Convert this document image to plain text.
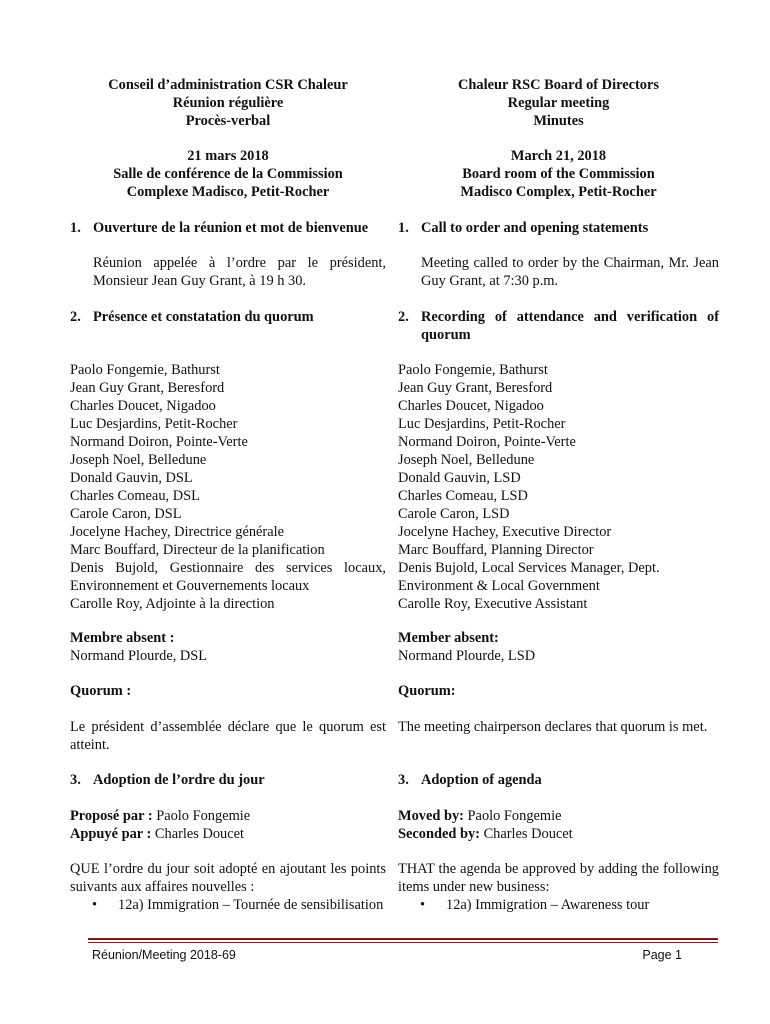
Conseil d’administration CSR Chaleur
Réunion régulière
Procès-verbal
21 mars 2018
Salle de conférence de la Commission
Complexe Madisco, Petit-Rocher
1. Ouverture de la réunion et mot de bienvenue
Réunion appelée à l’ordre par le président, Monsieur Jean Guy Grant, à 19 h 30.
2. Présence et constatation du quorum
Paolo Fongemie, Bathurst
Jean Guy Grant, Beresford
Charles Doucet, Nigadoo
Luc Desjardins, Petit-Rocher
Normand Doiron, Pointe-Verte
Joseph Noel, Belledune
Donald Gauvin, DSL
Charles Comeau, DSL
Carole Caron, DSL
Jocelyne Hachey, Directrice générale
Marc Bouffard, Directeur de la planification
Denis Bujold, Gestionnaire des services locaux,
Environnement et Gouvernements locaux
Carolle Roy, Adjointe à la direction
Membre absent :
Normand Plourde, DSL
Quorum :
Le président d’assemblée déclare que le quorum est atteint.
3. Adoption de l’ordre du jour
Proposé par : Paolo Fongemie
Appuyé par : Charles Doucet
QUE l’ordre du jour soit adopté en ajoutant les points suivants aux affaires nouvelles :
•	12a) Immigration – Tournée de sensibilisation
Chaleur RSC Board of Directors
Regular meeting
Minutes
March 21, 2018
Board room of the Commission
Madisco Complex, Petit-Rocher
1. Call to order and opening statements
Meeting called to order by the Chairman, Mr. Jean Guy Grant, at 7:30 p.m.
2. Recording of attendance and verification of quorum
Paolo Fongemie, Bathurst
Jean Guy Grant, Beresford
Charles Doucet, Nigadoo
Luc Desjardins, Petit-Rocher
Normand Doiron, Pointe-Verte
Joseph Noel, Belledune
Donald Gauvin, LSD
Charles Comeau, LSD
Carole Caron, LSD
Jocelyne Hachey, Executive Director
Marc Bouffard, Planning Director
Denis Bujold, Local Services Manager, Dept.
Environment & Local Government
Carolle Roy, Executive Assistant
Member absent:
Normand Plourde, LSD
Quorum:
The meeting chairperson declares that quorum is met.
3. Adoption of agenda
Moved by: Paolo Fongemie
Seconded by: Charles Doucet
THAT the agenda be approved by adding the following items under new business:
•	12a) Immigration – Awareness tour
Réunion/Meeting 2018-69	Page 1
